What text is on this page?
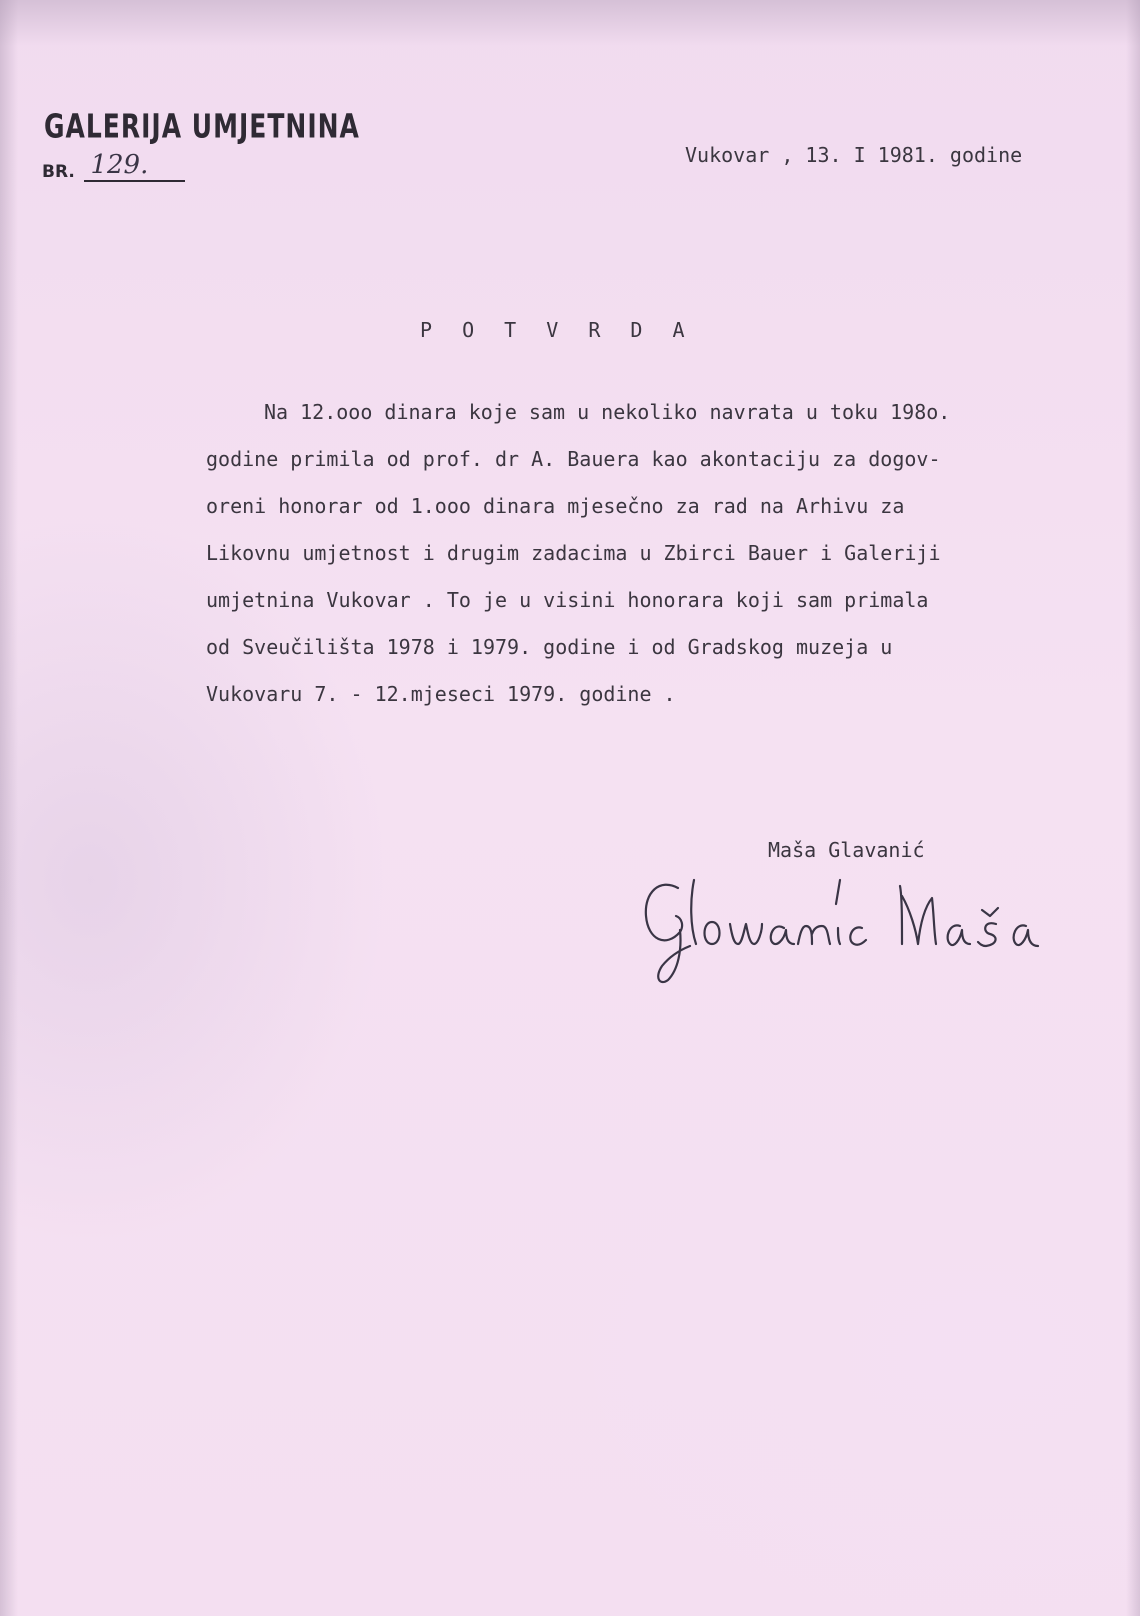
GALERIJA UMJETNINA
BR. 129.	Vukovar , 13. I 1981. godine
P O T V R D A
Na 12.ooo dinara koje sam u nekoliko navrata u toku 198o.
godine primila od prof. dr A. Bauera kao akontaciju za dogov-
oreni honorar od 1.ooo dinara mjesečno za rad na Arhivu za
Likovnu umjetnost i drugim zadacima u Zbirci Bauer i Galeriji
umjetnina Vukovar . To je u visini honorara koji sam primala
od Sveučilišta 1978 i 1979. godine i od Gradskog muzeja u
Vukovaru 7. - 12.mjeseci 1979. godine .
Maša Glavanić
